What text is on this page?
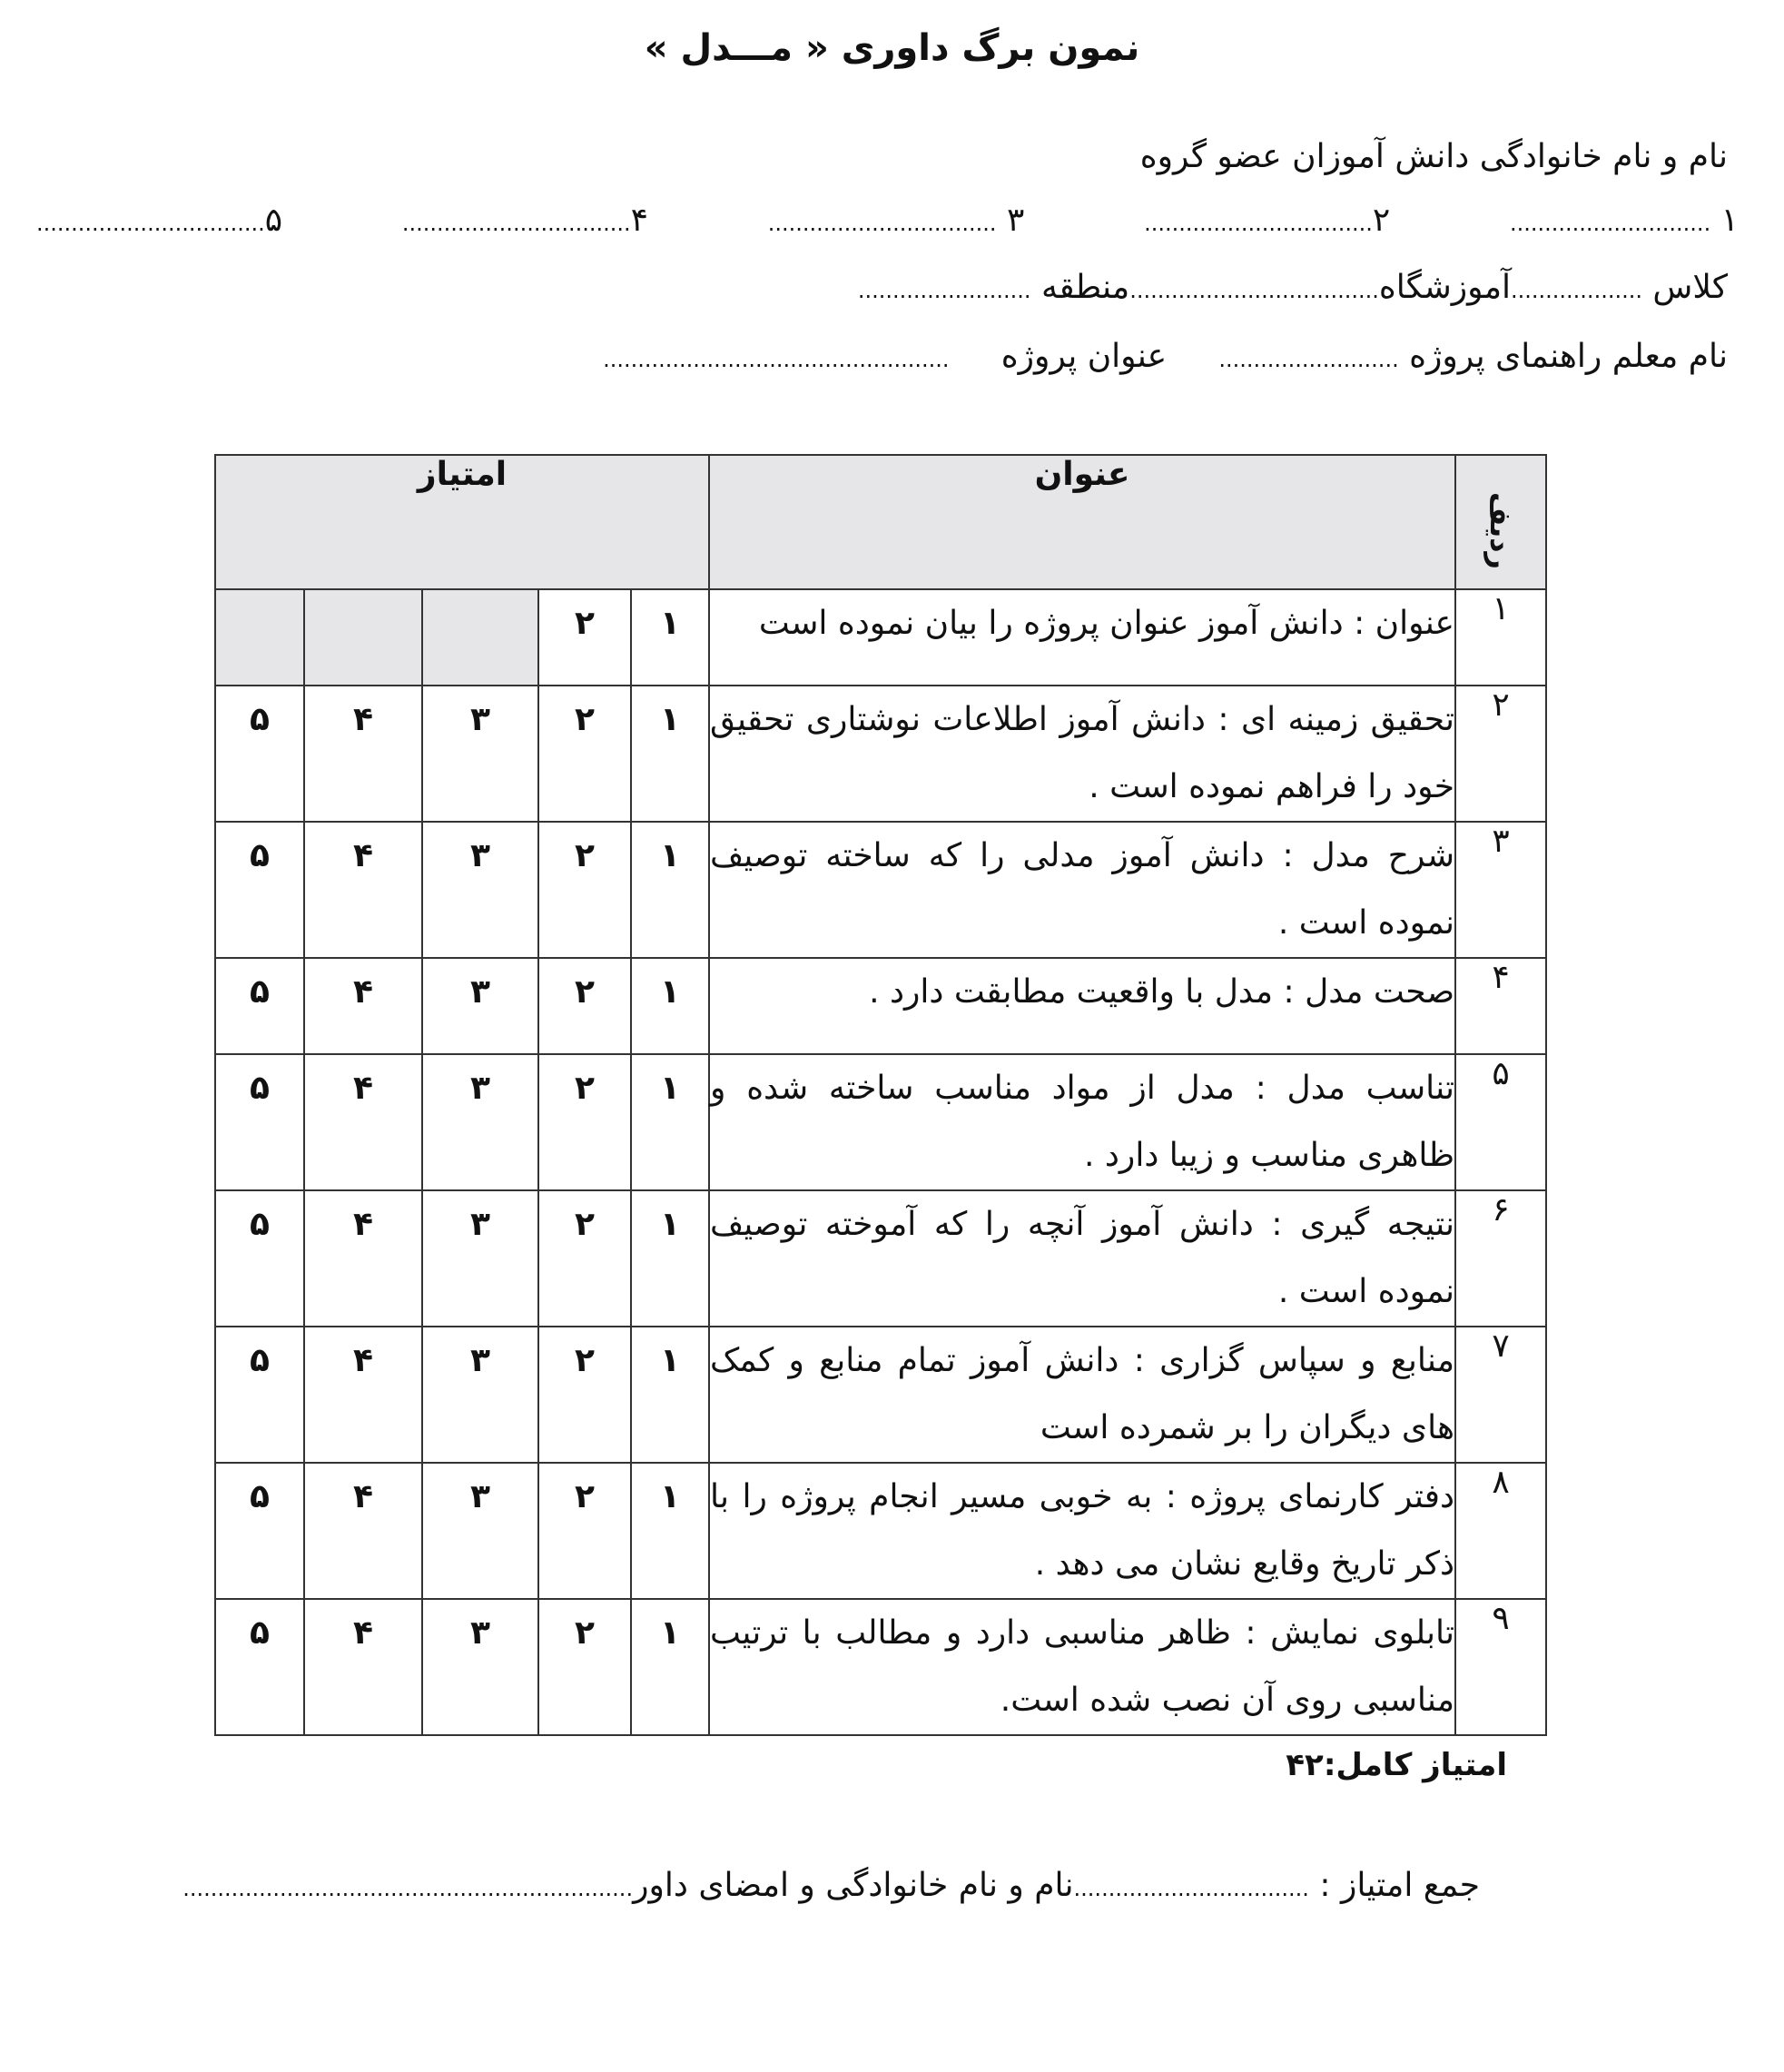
نمون برگ داوری « مـــدل »
نام و نام خانوادگی دانش آموزان عضو گروه
۱ .............................
۲.................................
۳ .................................
۴.................................
۵.................................
کلاس ...................آموزشگاه....................................منطقه .........................
نام معلم راهنمای پروژه ..........................     عنوان پروژه     ..................................................
ردیف	عنوان	امتیاز				
۱	عنوان : دانش آموز عنوان پروژه را بیان نموده است	۱	۲			
۲	تحقیق زمینه ای : دانش آموز اطلاعات نوشتاری تحقیق خود را فراهم نموده است .	۱	۲	۳	۴	۵
۳	شرح مدل : دانش آموز مدلی را که ساخته توصیف نموده است .	۱	۲	۳	۴	۵
۴	صحت مدل : مدل با واقعیت مطابقت دارد .	۱	۲	۳	۴	۵
۵	تناسب مدل : مدل از مواد مناسب ساخته شده و ظاهری مناسب و زیبا دارد .	۱	۲	۳	۴	۵
۶	نتیجه گیری : دانش آموز آنچه را که آموخته توصیف نموده است .	۱	۲	۳	۴	۵
۷	منابع و سپاس گزاری : دانش آموز تمام منابع و کمک های دیگران را بر شمرده است	۱	۲	۳	۴	۵
۸	دفتر کارنمای پروژه : به خوبی مسیر انجام پروژه را با ذکر تاریخ وقایع نشان می دهد .	۱	۲	۳	۴	۵
۹	تابلوی نمایش : ظاهر مناسبی دارد و مطالب با ترتیب مناسبی روی آن نصب شده است.	۱	۲	۳	۴	۵
امتیاز کامل:۴۲
جمع امتیاز : ..................................نام و نام خانوادگی و امضای داور.................................................................
